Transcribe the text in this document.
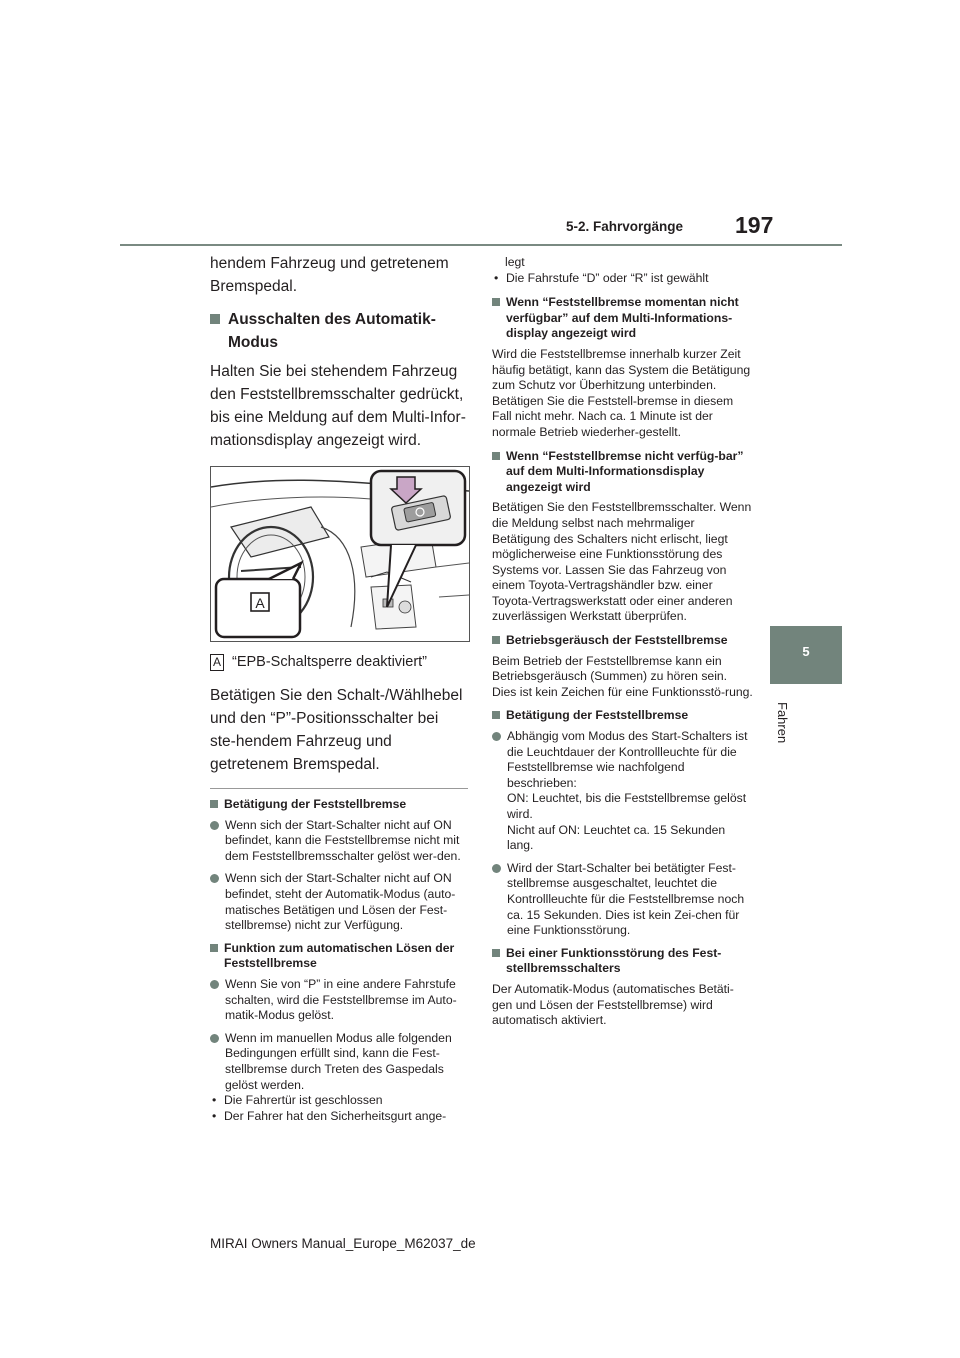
5-2. Fahrvorgänge 197
5
Fahren

hendem Fahrzeug und getretenem Bremspedal.

Ausschalten des Automatik-Modus

Halten Sie bei stehendem Fahrzeug den Feststellbremsschalter gedrückt, bis eine Meldung auf dem Multi-Infor-mationsdisplay angezeigt wird.

A
A “EPB-Schaltsperre deaktiviert”

Betätigen Sie den Schalt-/Wählhebel und den “P”-Positionsschalter bei ste-hendem Fahrzeug und getretenem Bremspedal.

Betätigung der Feststellbremse
Wenn sich der Start-Schalter nicht auf ON befindet, kann die Feststellbremse nicht mit dem Feststellbremsschalter gelöst wer-den.
Wenn sich der Start-Schalter nicht auf ON befindet, steht der Automatik-Modus (auto-matisches Betätigen und Lösen der Fest-stellbremse) nicht zur Verfügung.
Funktion zum automatischen Lösen der Feststellbremse
Wenn Sie von “P” in eine andere Fahrstufe schalten, wird die Feststellbremse im Auto-matik-Modus gelöst.
Wenn im manuellen Modus alle folgenden Bedingungen erfüllt sind, kann die Fest-stellbremse durch Treten des Gaspedals gelöst werden.
• Die Fahrertür ist geschlossen
• Der Fahrer hat den Sicherheitsgurt ange-
legt
• Die Fahrstufe “D” oder “R” ist gewählt
Wenn “Feststellbremse momentan nicht verfügbar” auf dem Multi-Informations-display angezeigt wird

Wird die Feststellbremse innerhalb kurzer Zeit häufig betätigt, kann das System die Betätigung zum Schutz vor Überhitzung unterbinden. Betätigen Sie die Feststell-bremse in diesem Fall nicht mehr. Nach ca. 1 Minute ist der normale Betrieb wiederher-gestellt.

Wenn “Feststellbremse nicht verfüg-bar” auf dem Multi-Informationsdisplay angezeigt wird

Betätigen Sie den Feststellbremsschalter. Wenn die Meldung selbst nach mehrmaliger Betätigung des Schalters nicht erlischt, liegt möglicherweise eine Funktionsstörung des Systems vor. Lassen Sie das Fahrzeug von einem Toyota-Vertragshändler bzw. einer Toyota-Vertragswerkstatt oder einer anderen zuverlässigen Werkstatt überprüfen.

Betriebsgeräusch der Feststellbremse

Beim Betrieb der Feststellbremse kann ein Betriebsgeräusch (Summen) zu hören sein. Dies ist kein Zeichen für eine Funktionsstö-rung.

Betätigung der Feststellbremse
Abhängig vom Modus des Start-Schalters ist die Leuchtdauer der Kontrollleuchte für die Feststellbremse wie nachfolgend beschrieben:
ON: Leuchtet, bis die Feststellbremse gelöst wird.
Nicht auf ON: Leuchtet ca. 15 Sekunden lang.
Wird der Start-Schalter bei betätigter Fest-stellbremse ausgeschaltet, leuchtet die Kontrollleuchte für die Feststellbremse noch ca. 15 Sekunden. Dies ist kein Zei-chen für eine Funktionsstörung.
Bei einer Funktionsstörung des Fest-stellbremsschalters

Der Automatik-Modus (automatisches Betäti-gen und Lösen der Feststellbremse) wird automatisch aktiviert.

MIRAI Owners Manual_Europe_M62037_de
